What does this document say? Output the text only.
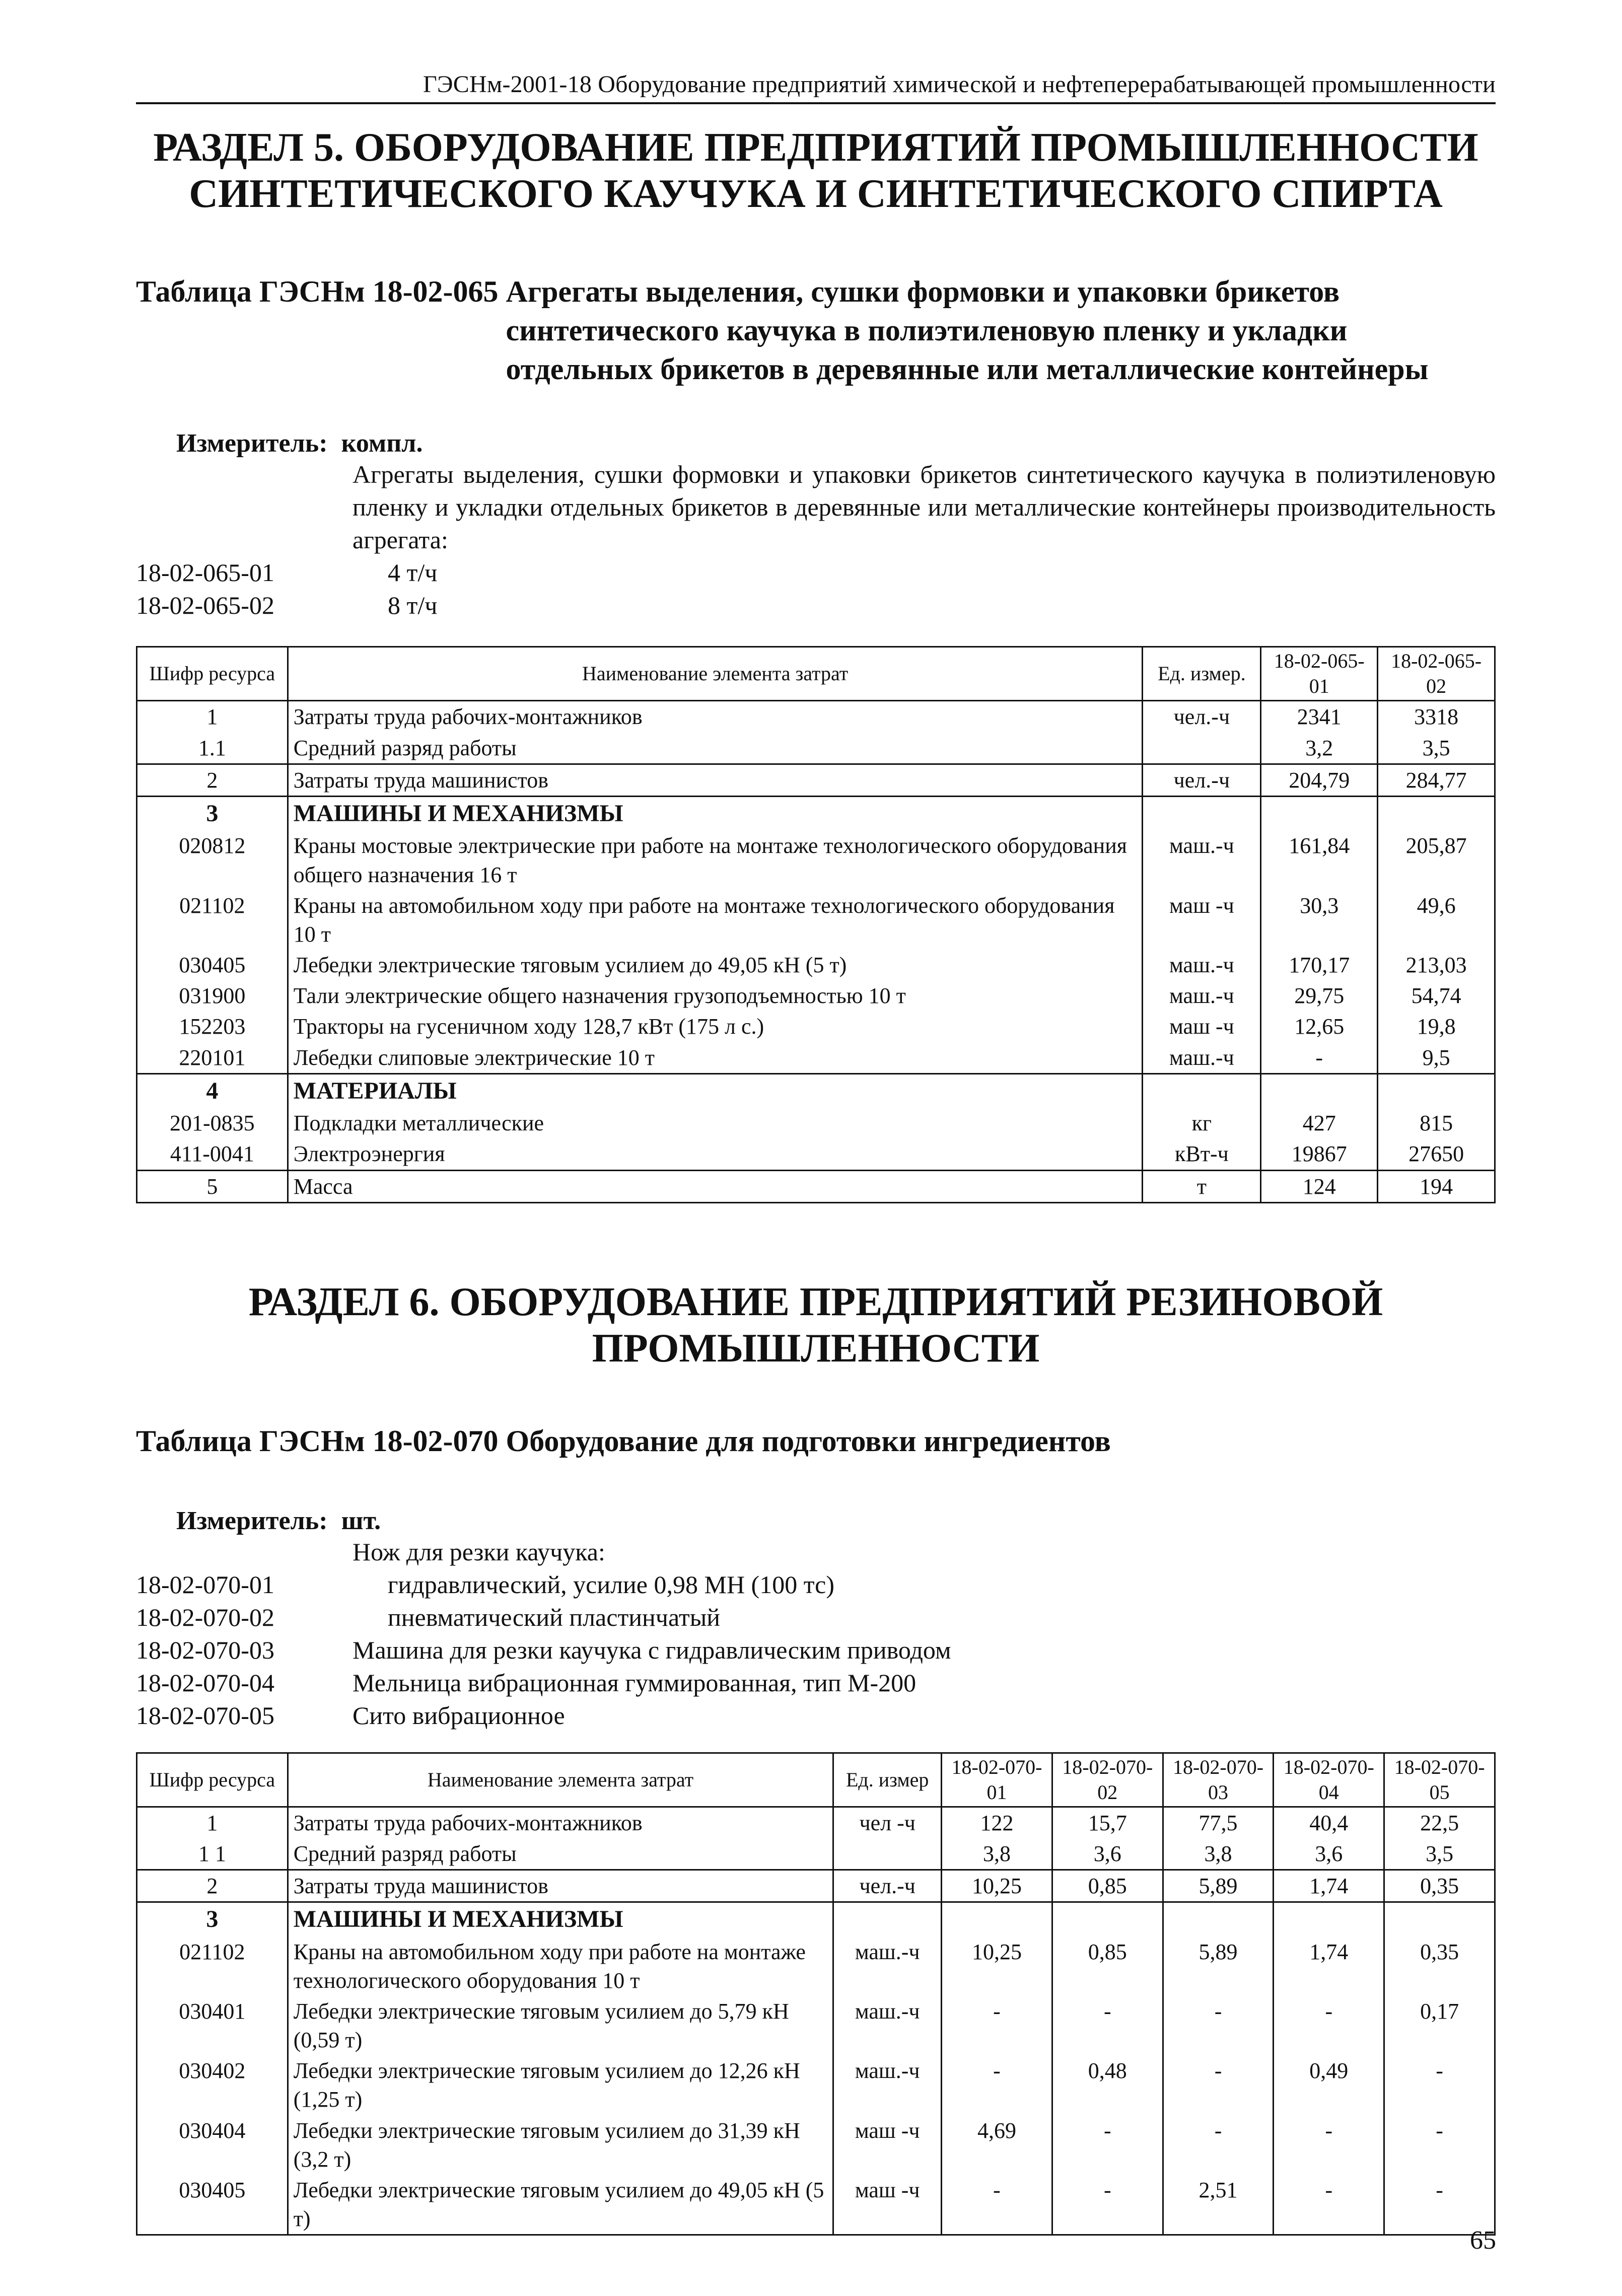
ГЭСНм-2001-18 Оборудование предприятий химической и нефтеперерабатывающей промышленности
РАЗДЕЛ 5. ОБОРУДОВАНИЕ ПРЕДПРИЯТИЙ ПРОМЫШЛЕННОСТИ
СИНТЕТИЧЕСКОГО КАУЧУКА И СИНТЕТИЧЕСКОГО СПИРТА
Таблица ГЭСНм 18-02-065 Агрегаты выделения, сушки формовки и упаковки брикетов синтетического каучука в полиэтиленовую пленку и укладки отдельных брикетов в деревянные или металлические контейнеры
Измеритель: компл.
Агрегаты выделения, сушки формовки и упаковки брикетов синтетического каучука в полиэтиленовую пленку и укладки отдельных брикетов в деревянные или металлические контейнеры производительность агрегата:
18-02-065-01	4 т/ч
18-02-065-02	8 т/ч
Шифр ресурса	Наименование элемента затрат	Ед. измер.	18-02-065-01	18-02-065-02
1	Затраты труда рабочих-монтажников	чел.-ч	2341	3318
1.1	Средний разряд работы		3,2	3,5
2	Затраты труда машинистов	чел.-ч	204,79	284,77
3	МАШИНЫ И МЕХАНИЗМЫ			
020812	Краны мостовые электрические при работе на монтаже технологического оборудования общего назначения 16 т	маш.-ч	161,84	205,87
021102	Краны на автомобильном ходу при работе на монтаже технологического оборудования 10 т	маш -ч	30,3	49,6
030405	Лебедки электрические тяговым усилием до 49,05 кН (5 т)	маш.-ч	170,17	213,03
031900	Тали электрические общего назначения грузоподъемностью 10 т	маш.-ч	29,75	54,74
152203	Тракторы на гусеничном ходу 128,7 кВт (175 л с.)	маш -ч	12,65	19,8
220101	Лебедки слиповые электрические 10 т	маш.-ч	-	9,5
4	МАТЕРИАЛЫ			
201-0835	Подкладки металлические	кг	427	815
411-0041	Электроэнергия	кВт-ч	19867	27650
5	Масса	т	124	194
РАЗДЕЛ 6. ОБОРУДОВАНИЕ ПРЕДПРИЯТИЙ РЕЗИНОВОЙ
ПРОМЫШЛЕННОСТИ
Таблица ГЭСНм 18-02-070 Оборудование для подготовки ингредиентов
Измеритель: шт.
Нож для резки каучука:
18-02-070-01	гидравлический, усилие 0,98 МН (100 тс)
18-02-070-02	пневматический пластинчатый
18-02-070-03	Машина для резки каучука с гидравлическим приводом
18-02-070-04	Мельница вибрационная гуммированная, тип М-200
18-02-070-05	Сито вибрационное
Шифр ресурса	Наименование элемента затрат	Ед. измер	18-02-070-01	18-02-070-02	18-02-070-03	18-02-070-04	18-02-070-05
1	Затраты труда рабочих-монтажников	чел -ч	122	15,7	77,5	40,4	22,5
1 1	Средний разряд работы		3,8	3,6	3,8	3,6	3,5
2	Затраты труда машинистов	чел.-ч	10,25	0,85	5,89	1,74	0,35
3	МАШИНЫ И МЕХАНИЗМЫ						
021102	Краны на автомобильном ходу при работе на монтаже технологического оборудования 10 т	маш.-ч	10,25	0,85	5,89	1,74	0,35
030401	Лебедки электрические тяговым усилием до 5,79 кН (0,59 т)	маш.-ч	-	-	-	-	0,17
030402	Лебедки электрические тяговым усилием до 12,26 кН (1,25 т)	маш.-ч	-	0,48	-	0,49	-
030404	Лебедки электрические тяговым усилием до 31,39 кН (3,2 т)	маш -ч	4,69	-	-	-	-
030405	Лебедки электрические тяговым усилием до 49,05 кН (5 т)	маш -ч	-	-	2,51	-	-
65
